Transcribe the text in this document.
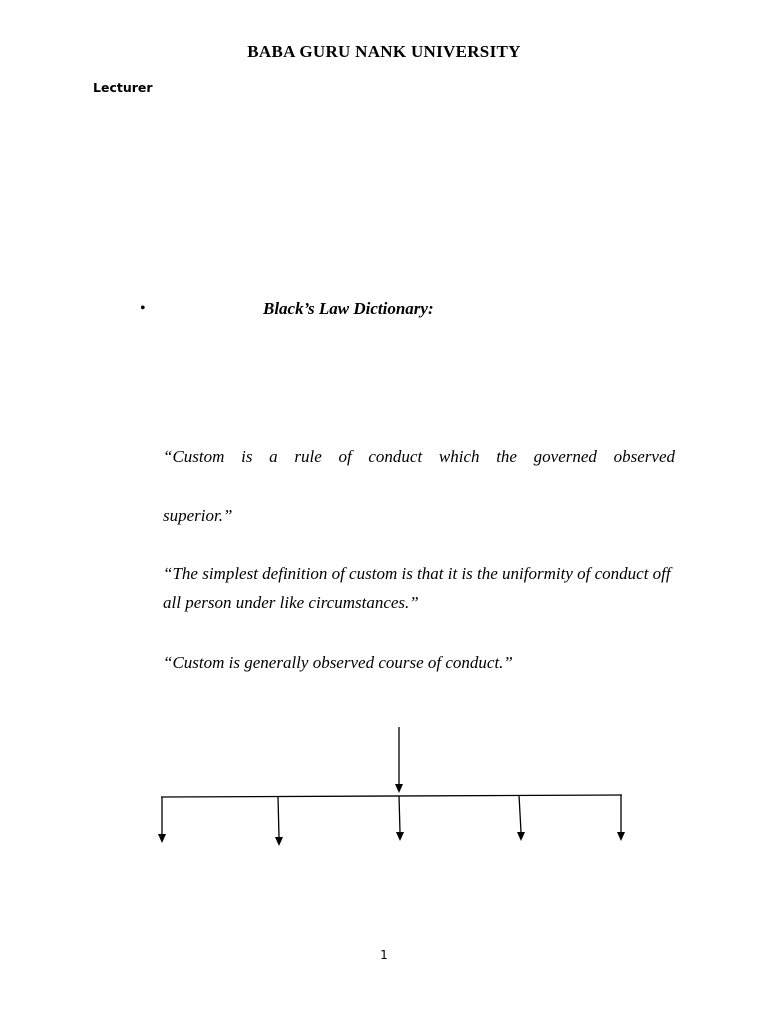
BABA GURU NANK UNIVERSITY
Lecturer
•	Black’s Law Dictionary:
“Custom is a rule of conduct which the governed observed
superior.”
“The simplest definition of custom is that it is the uniformity of conduct off all person under like circumstances.”
“Custom is generally observed course of conduct.”
1
